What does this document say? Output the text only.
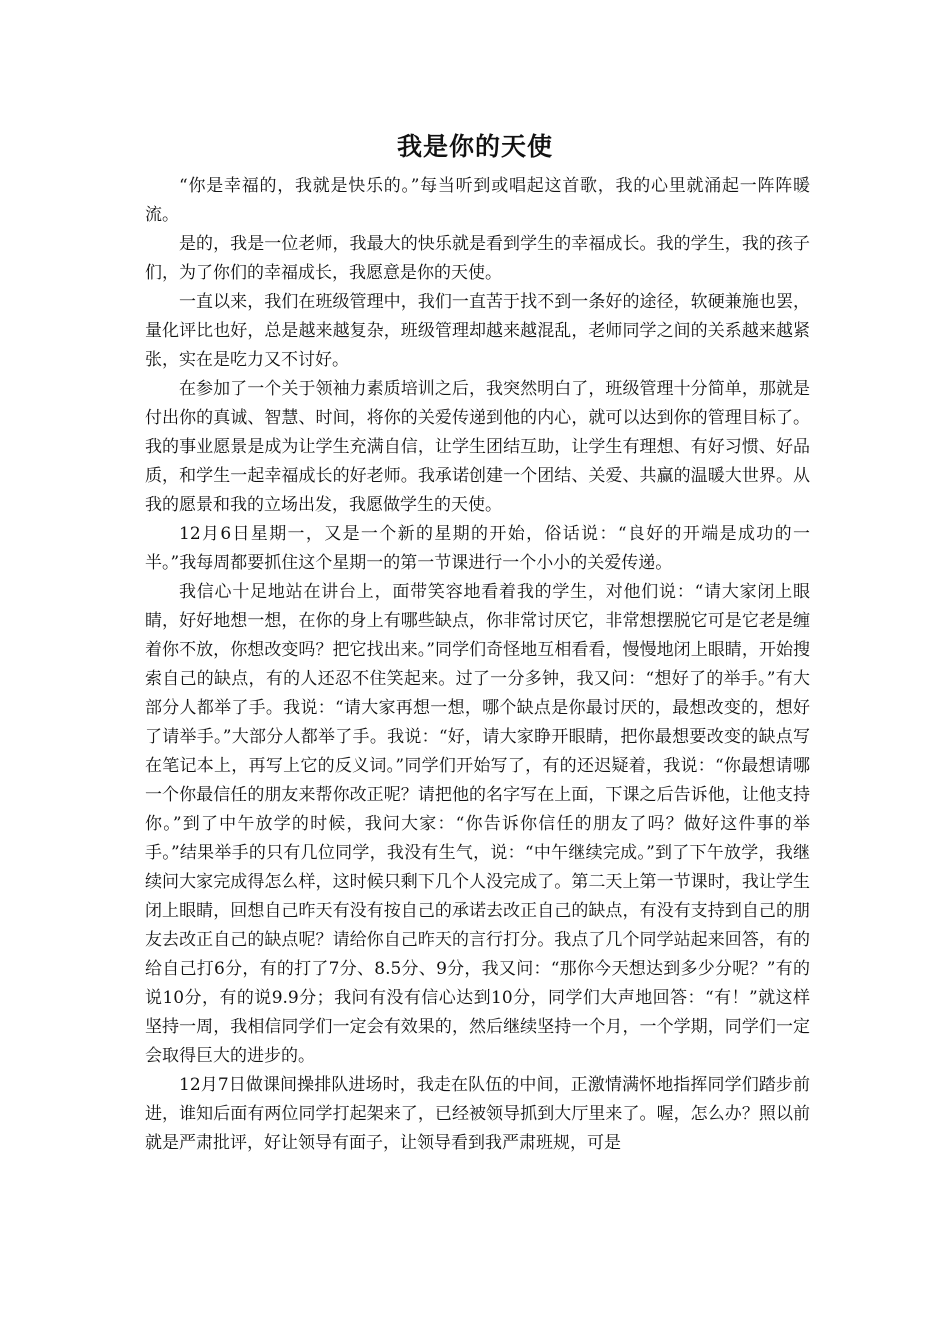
我是你的天使

“你是幸福的，我就是快乐的。”每当听到或唱起这首歌，我的心里就涌起一阵阵暖流。

是的，我是一位老师，我最大的快乐就是看到学生的幸福成长。我的学生，我的孩子们，为了你们的幸福成长，我愿意是你的天使。

一直以来，我们在班级管理中，我们一直苦于找不到一条好的途径，软硬兼施也罢，量化评比也好，总是越来越复杂，班级管理却越来越混乱，老师同学之间的关系越来越紧张，实在是吃力又不讨好。

在参加了一个关于领袖力素质培训之后，我突然明白了，班级管理十分简单，那就是付出你的真诚、智慧、时间，将你的关爱传递到他的内心，就可以达到你的管理目标了。我的事业愿景是成为让学生充满自信，让学生团结互助，让学生有理想、有好习惯、好品质，和学生一起幸福成长的好老师。我承诺创建一个团结、关爱、共赢的温暖大世界。从我的愿景和我的立场出发，我愿做学生的天使。

12月6日星期一，又是一个新的星期的开始，俗话说：“良好的开端是成功的一半。”我每周都要抓住这个星期一的第一节课进行一个小小的关爱传递。

我信心十足地站在讲台上，面带笑容地看着我的学生，对他们说：“请大家闭上眼睛，好好地想一想，在你的身上有哪些缺点，你非常讨厌它，非常想摆脱它可是它老是缠着你不放，你想改变吗？把它找出来。”同学们奇怪地互相看看，慢慢地闭上眼睛，开始搜索自己的缺点，有的人还忍不住笑起来。过了一分多钟，我又问：“想好了的举手。”有大部分人都举了手。我说：“请大家再想一想，哪个缺点是你最讨厌的，最想改变的，想好了请举手。”大部分人都举了手。我说：“好，请大家睁开眼睛，把你最想要改变的缺点写在笔记本上，再写上它的反义词。”同学们开始写了，有的还迟疑着，我说：“你最想请哪一个你最信任的朋友来帮你改正呢？请把他的名字写在上面，下课之后告诉他，让他支持你。”到了中午放学的时候，我问大家：“你告诉你信任的朋友了吗？做好这件事的举手。”结果举手的只有几位同学，我没有生气，说：“中午继续完成。”到了下午放学，我继续问大家完成得怎么样，这时候只剩下几个人没完成了。第二天上第一节课时，我让学生闭上眼睛，回想自己昨天有没有按自己的承诺去改正自己的缺点，有没有支持到自己的朋友去改正自己的缺点呢？请给你自己昨天的言行打分。我点了几个同学站起来回答，有的给自己打6分，有的打了7分、8.5分、9分，我又问：“那你今天想达到多少分呢？”有的说10分，有的说9.9分；我问有没有信心达到10分，同学们大声地回答：“有！”就这样坚持一周，我相信同学们一定会有效果的，然后继续坚持一个月，一个学期，同学们一定会取得巨大的进步的。

12月7日做课间操排队进场时，我走在队伍的中间，正激情满怀地指挥同学们踏步前进，谁知后面有两位同学打起架来了，已经被领导抓到大厅里来了。喔，怎么办？照以前就是严肃批评，好让领导有面子，让领导看到我严肃班规，可是
